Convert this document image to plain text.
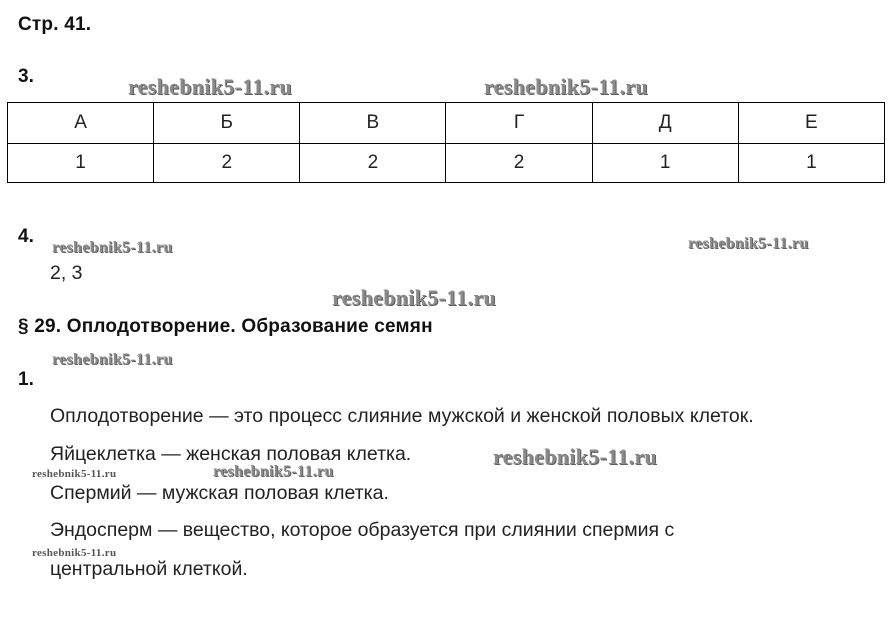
Стр. 41.
3.
А	Б	В	Г	Д	Е
1	2	2	2	1	1
4.
2, 3
§ 29. Оплодотворение. Образование семян
1.
Оплодотворение — это процесс слияние мужской и женской половых клеток.
Яйцеклетка — женская половая клетка.
Спермий — мужская половая клетка.
Эндосперм — вещество, которое образуется при слиянии спермия с
центральной клеткой.
reshebnik5-11.ru	reshebnik5-11.ru
reshebnik5-11.ru	reshebnik5-11.ru
reshebnik5-11.ru
reshebnik5-11.ru
reshebnik5-11.ru
reshebnik5-11.ru
reshebnik5-11.ru
reshebnik5-11.ru
